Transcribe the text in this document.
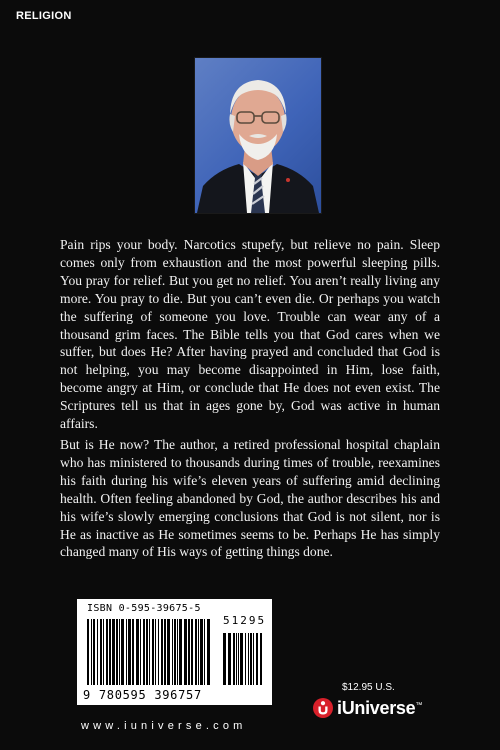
RELIGION

Pain rips your body. Narcotics stupefy, but relieve no pain. Sleep comes only from exhaustion and the most powerful sleeping pills. You pray for relief. But you get no relief. You aren’t really living any more. You pray to die. But you can’t even die. Or perhaps you watch the suffering of someone you love. Trouble can wear any of a thousand grim faces. The Bible tells you that God cares when we suffer, but does He? After having prayed and concluded that God is not helping, you may become disappointed in Him, lose faith, become angry at Him, or conclude that He does not even exist. The Scriptures tell us that in ages gone by, God was active in human affairs.

But is He now? The author, a retired professional hospital chaplain who has ministered to thousands during times of trouble, reexamines his faith during his wife’s eleven years of suffering amid declining health. Often feeling abandoned by God, the author describes his and his wife’s slowly emerging conclusions that God is not silent, nor is He as inactive as He sometimes seems to be. Perhaps He has simply changed many of His ways of getting things done.

ISBN 0-595-39675-5
51295
9 780595 396757
www.iuniverse.com
$12.95 U.S.
iUniverse™
